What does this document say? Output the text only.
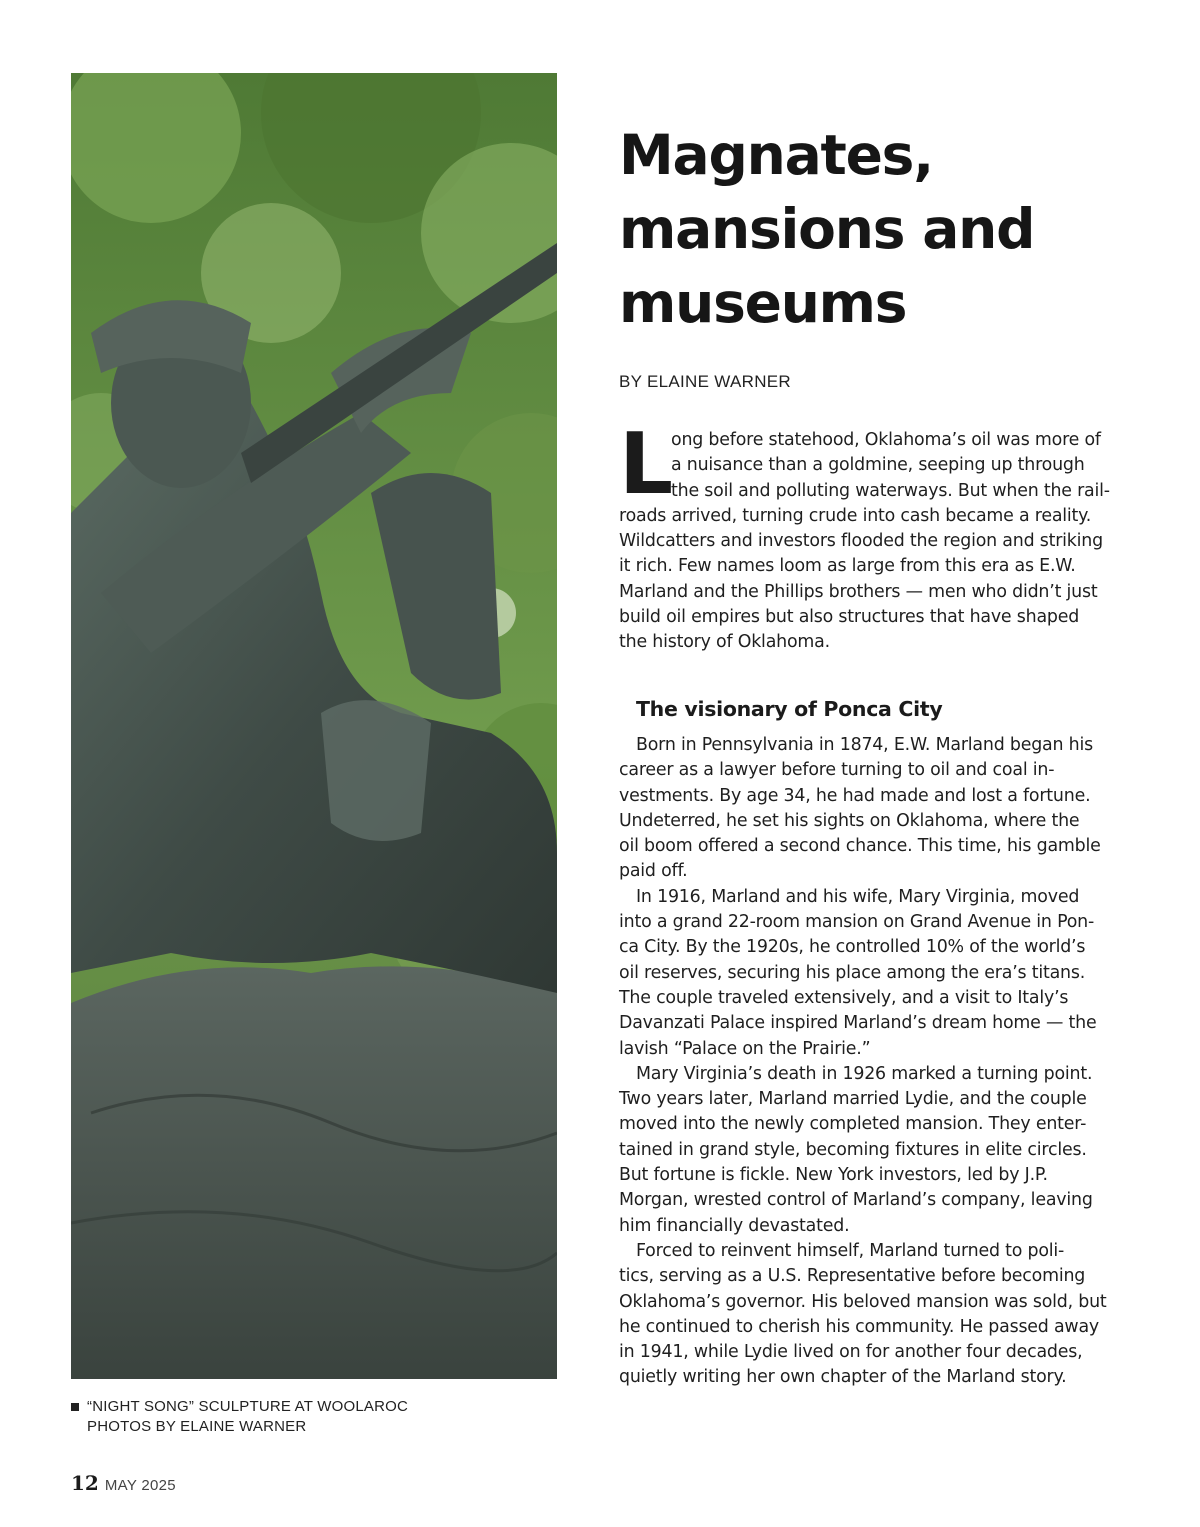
“NIGHT SONG” SCULPTURE AT WOOLAROC
PHOTOS BY ELAINE WARNER
12 MAY 2025
Magnates,
mansions and
museums
BY ELAINE WARNER
L
ong before statehood, Oklahoma’s oil was more of
a nuisance than a goldmine, seeping up through
the soil and polluting waterways. But when the rail-
roads arrived, turning crude into cash became a reality.
Wildcatters and investors flooded the region and striking
it rich. Few names loom as large from this era as E.W.
Marland and the Phillips brothers — men who didn’t just
build oil empires but also structures that have shaped
the history of Oklahoma.
The visionary of Ponca City
Born in Pennsylvania in 1874, E.W. Marland began his
career as a lawyer before turning to oil and coal in-
vestments. By age 34, he had made and lost a fortune.
Undeterred, he set his sights on Oklahoma, where the
oil boom offered a second chance. This time, his gamble
paid off.
In 1916, Marland and his wife, Mary Virginia, moved
into a grand 22-room mansion on Grand Avenue in Pon-
ca City. By the 1920s, he controlled 10% of the world’s
oil reserves, securing his place among the era’s titans.
The couple traveled extensively, and a visit to Italy’s
Davanzati Palace inspired Marland’s dream home — the
lavish “Palace on the Prairie.”
Mary Virginia’s death in 1926 marked a turning point.
Two years later, Marland married Lydie, and the couple
moved into the newly completed mansion. They enter-
tained in grand style, becoming fixtures in elite circles.
But fortune is fickle. New York investors, led by J.P.
Morgan, wrested control of Marland’s company, leaving
him financially devastated.
Forced to reinvent himself, Marland turned to poli-
tics, serving as a U.S. Representative before becoming
Oklahoma’s governor. His beloved mansion was sold, but
he continued to cherish his community. He passed away
in 1941, while Lydie lived on for another four decades,
quietly writing her own chapter of the Marland story.
